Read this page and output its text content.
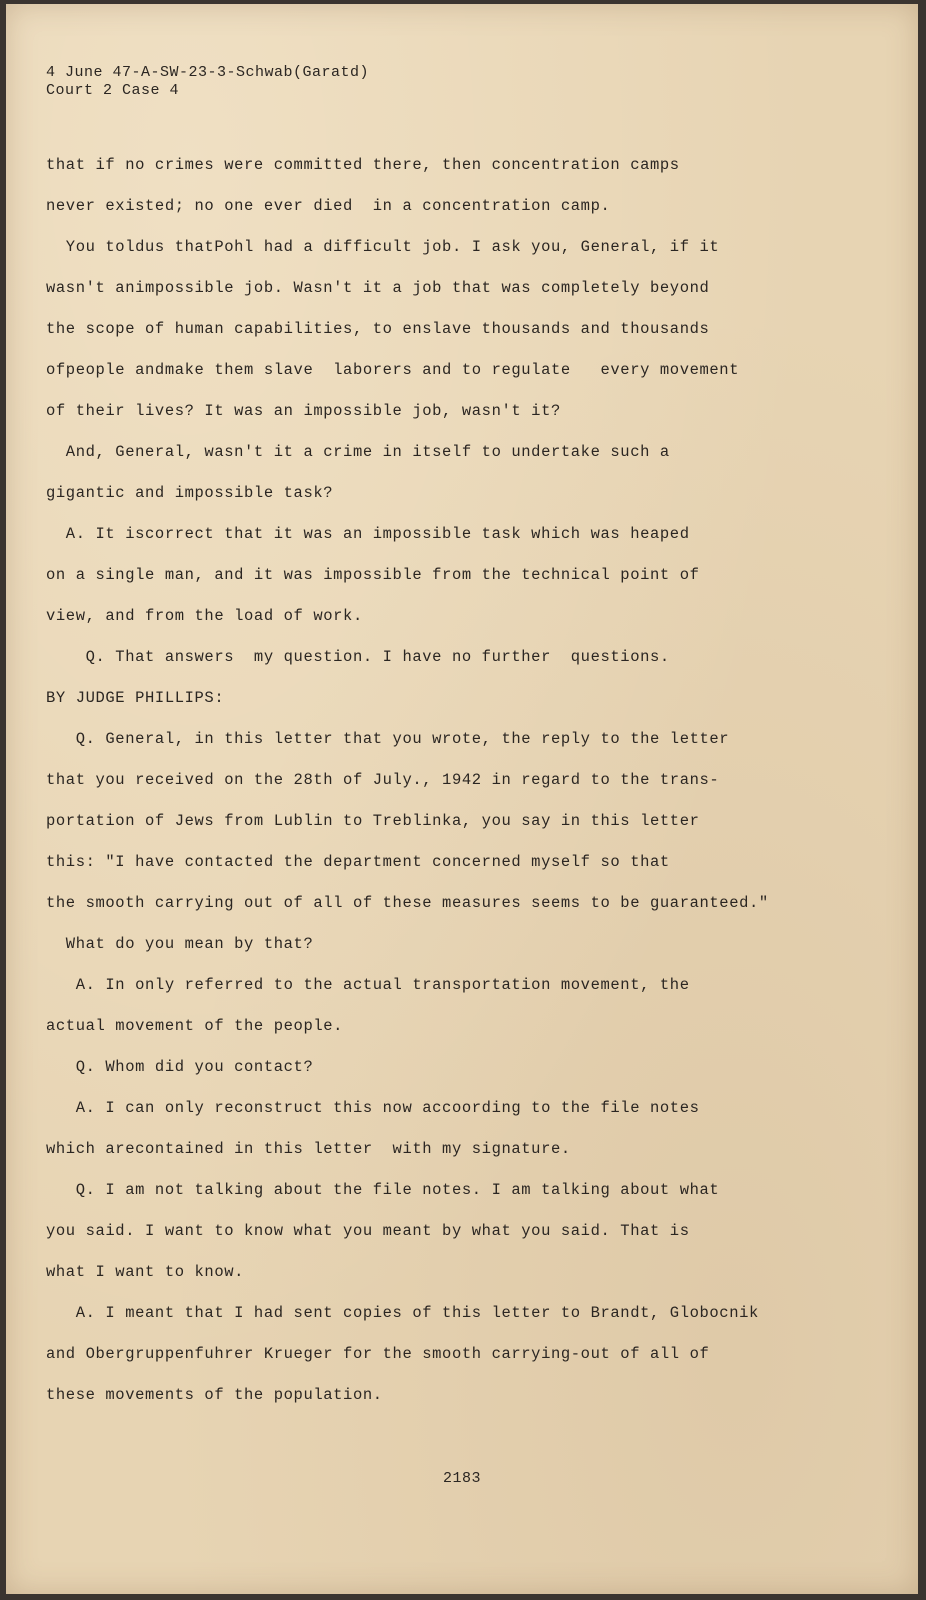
4 June 47-A-SW-23-3-Schwab(Garatd)
Court 2 Case 4
that if no crimes were committed there, then concentration camps
never existed; no one ever died  in a concentration camp.
You toldus thatPohl had a difficult job. I ask you, General, if it
wasn't animpossible job. Wasn't it a job that was completely beyond
the scope of human capabilities, to enslave thousands and thousands
ofpeople andmake them slave  laborers and to regulate   every movement
of their lives? It was an impossible job, wasn't it?
And, General, wasn't it a crime in itself to undertake such a
gigantic and impossible task?
A. It iscorrect that it was an impossible task which was heaped
on a single man, and it was impossible from the technical point of
view, and from the load of work.
Q. That answers  my question. I have no further  questions.
BY JUDGE PHILLIPS:
Q. General, in this letter that you wrote, the reply to the letter
that you received on the 28th of July., 1942 in regard to the trans-
portation of Jews from Lublin to Treblinka, you say in this letter
this: "I have contacted the department concerned myself so that
the smooth carrying out of all of these measures seems to be guaranteed."
What do you mean by that?
A. In only referred to the actual transportation movement, the
actual movement of the people.
Q. Whom did you contact?
A. I can only reconstruct this now accoording to the file notes
which arecontained in this letter  with my signature.
Q. I am not talking about the file notes. I am talking about what
you said. I want to know what you meant by what you said. That is
what I want to know.
A. I meant that I had sent copies of this letter to Brandt, Globocnik
and Obergruppenfuhrer Krueger for the smooth carrying-out of all of
these movements of the population.
2183
